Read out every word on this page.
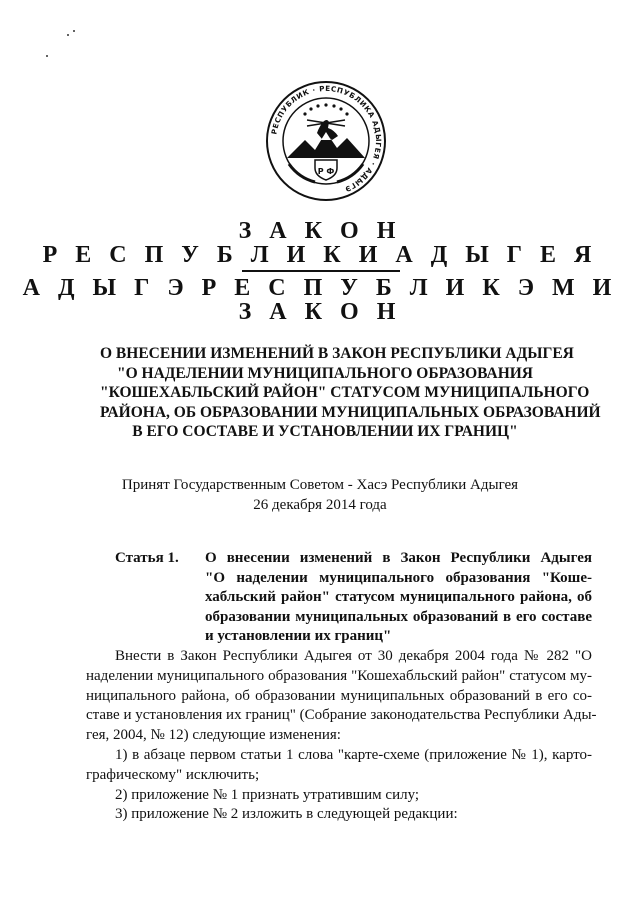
РЕСПУБЛИК · РЕСПУБЛИКА АДЫГЕЯ · АДЫГЭ
Р Ф
З А К О Н
Р Е С П У Б Л И К И А Д Ы Г Е Я
А Д Ы Г Э Р Е С П У Б Л И К Э М И
З А К О Н
О ВНЕСЕНИИ ИЗМЕНЕНИЙ В ЗАКОН РЕСПУБЛИКИ АДЫГЕЯ
"О НАДЕЛЕНИИ МУНИЦИПАЛЬНОГО ОБРАЗОВАНИЯ
"КОШЕХАБЛЬСКИЙ РАЙОН" СТАТУСОМ МУНИЦИПАЛЬНОГО
РАЙОНА, ОБ ОБРАЗОВАНИИ МУНИЦИПАЛЬНЫХ ОБРАЗОВАНИЙ
В ЕГО СОСТАВЕ И УСТАНОВЛЕНИИ ИХ ГРАНИЦ"
Принят Государственным Советом - Хасэ Республики Адыгея
26 декабря 2014 года
Статья 1. О внесении изменений в Закон Республики Адыгея
"О наделении муниципального образования "Коше-
хабльский район" статусом муниципального района, об
образовании муниципальных образований в его составе
и установлении их границ"
Внести в Закон Республики Адыгея от 30 декабря 2004 года № 282 "О
наделении муниципального образования "Кошехабльский район" статусом му-
ниципального района, об образовании муниципальных образований в его со-
ставе и установления их границ" (Собрание законодательства Республики Ады-
гея, 2004, № 12) следующие изменения:
1) в абзаце первом статьи 1 слова "карте-схеме (приложение № 1), карто-
графическому" исключить;
2) приложение № 1 признать утратившим силу;
3) приложение № 2 изложить в следующей редакции:
